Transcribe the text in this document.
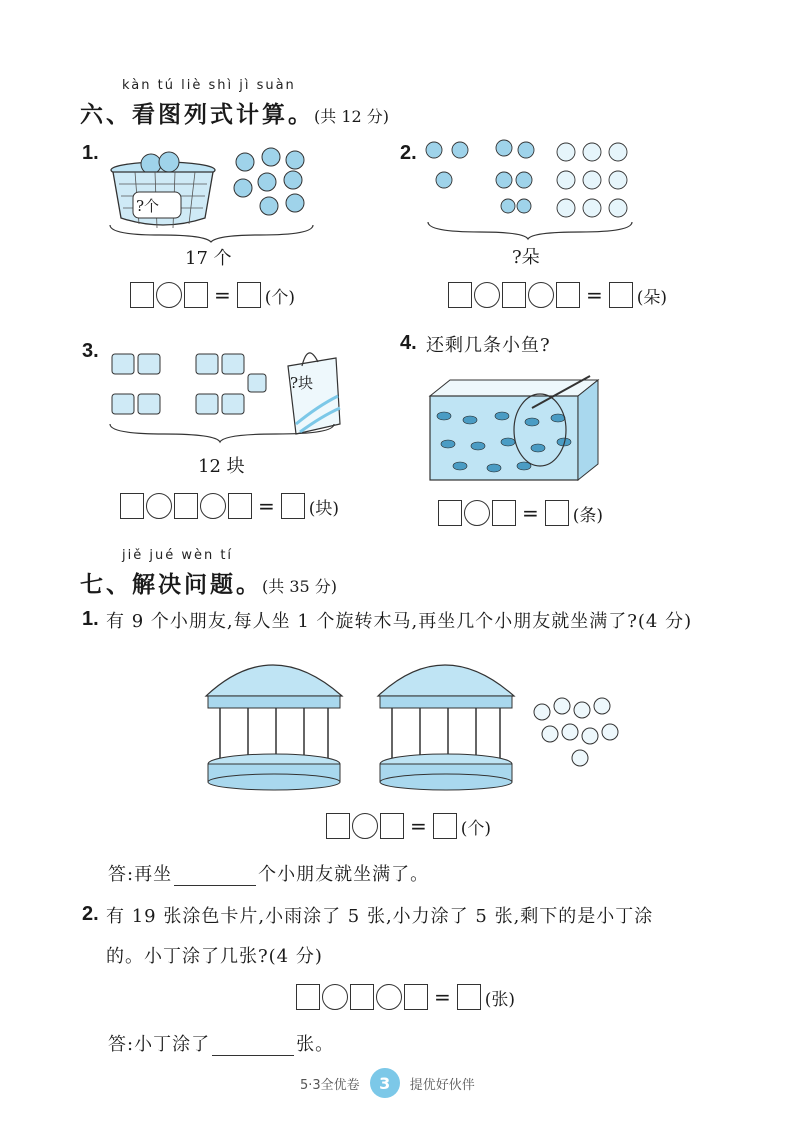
kàn tú liè shì jì suàn
六、看图列式计算。(共 12 分)
1.
?个
17 个
= (个)
2.
?朵
= (朵)
3.
?块
12 块
= (块)
4. 还剩几条小鱼?
= (条)
jiě jué wèn tí
七、解决问题。(共 35 分)
1. 有 9 个小朋友,每人坐 1 个旋转木马,再坐几个小朋友就坐满了?(4 分)
= (个)
答:再坐	个小朋友就坐满了。
2. 有 19 张涂色卡片,小雨涂了 5 张,小力涂了 5 张,剩下的是小丁涂
的。小丁涂了几张?(4 分)
= (张)
答:小丁涂了	张。
5·3全优卷	3	提优好伙伴
